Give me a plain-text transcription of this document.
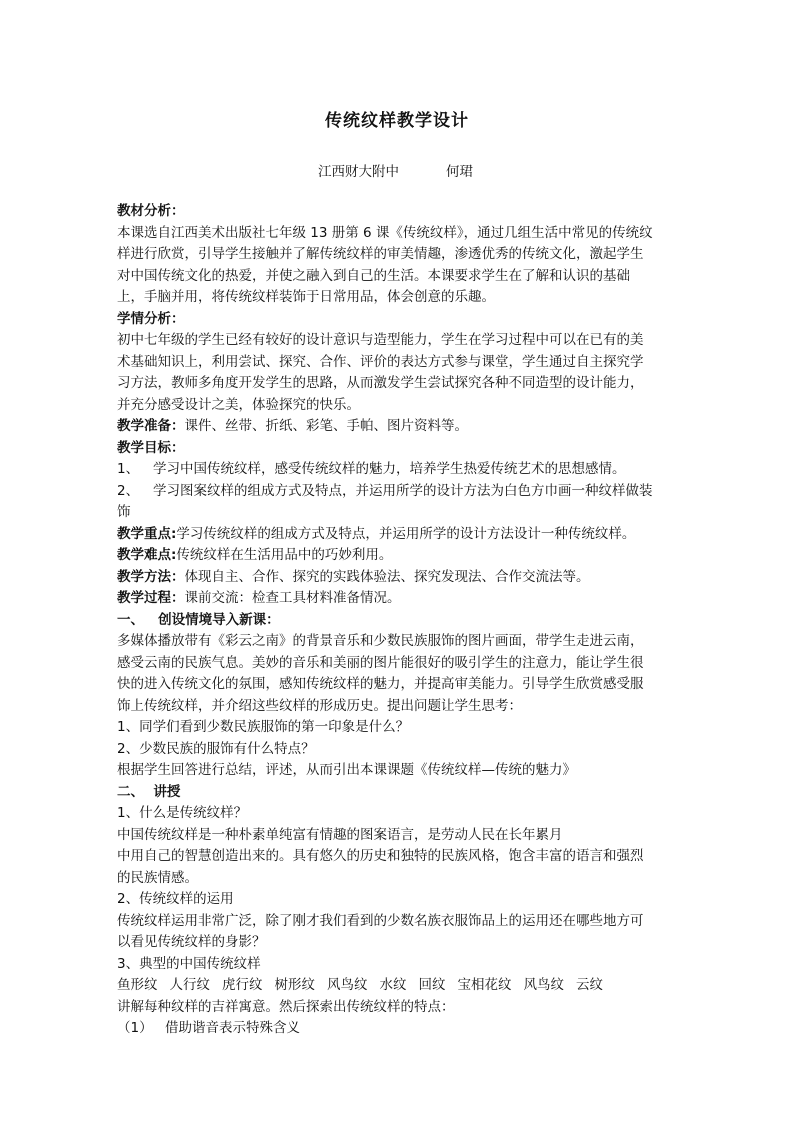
传统纹样教学设计
江西财大附中	何珺

教材分析：

本课选自江西美术出版社七年级 13 册第 6 课《传统纹样》，通过几组生活中常见的传统纹

样进行欣赏，引导学生接触并了解传统纹样的审美情趣，渗透优秀的传统文化，激起学生

对中国传统文化的热爱，并使之融入到自己的生活。本课要求学生在了解和认识的基础

上，手脑并用，将传统纹样装饰于日常用品，体会创意的乐趣。

学情分析：

初中七年级的学生已经有较好的设计意识与造型能力，学生在学习过程中可以在已有的美

术基础知识上，利用尝试、探究、合作、评价的表达方式参与课堂，学生通过自主探究学

习方法，教师多角度开发学生的思路，从而激发学生尝试探究各种不同造型的设计能力，

并充分感受设计之美，体验探究的快乐。

教学准备：课件、丝带、折纸、彩笔、手帕、图片资料等。

教学目标：

1、 学习中国传统纹样，感受传统纹样的魅力，培养学生热爱传统艺术的思想感情。

2、 学习图案纹样的组成方式及特点，并运用所学的设计方法为白色方巾画一种纹样做装

饰

教学重点:学习传统纹样的组成方式及特点，并运用所学的设计方法设计一种传统纹样。

教学难点:传统纹样在生活用品中的巧妙利用。

教学方法：体现自主、合作、探究的实践体验法、探究发现法、合作交流法等。

教学过程：课前交流：检查工具材料准备情况。

一、   创设情境导入新课：

多媒体播放带有《彩云之南》的背景音乐和少数民族服饰的图片画面，带学生走进云南，

感受云南的民族气息。美妙的音乐和美丽的图片能很好的吸引学生的注意力，能让学生很

快的进入传统文化的氛围，感知传统纹样的魅力，并提高审美能力。引导学生欣赏感受服

饰上传统纹样，并介绍这些纹样的形成历史。提出问题让学生思考：

1、同学们看到少数民族服饰的第一印象是什么？

2、少数民族的服饰有什么特点？

根据学生回答进行总结，评述，从而引出本课课题《传统纹样—传统的魅力》

二、  讲授

1、什么是传统纹样？

中国传统纹样是一种朴素单纯富有情趣的图案语言，是劳动人民在长年累月

中用自己的智慧创造出来的。具有悠久的历史和独特的民族风格，饱含丰富的语言和强烈

的民族情感。

2、传统纹样的运用

传统纹样运用非常广泛，除了刚才我们看到的少数名族衣服饰品上的运用还在哪些地方可

以看见传统纹样的身影？

3、典型的中国传统纹样

鱼形纹 人行纹 虎行纹 树形纹 风鸟纹 水纹 回纹 宝相花纹 风鸟纹 云纹

讲解每种纹样的吉祥寓意。然后探索出传统纹样的特点：

（1） 借助谐音表示特殊含义
